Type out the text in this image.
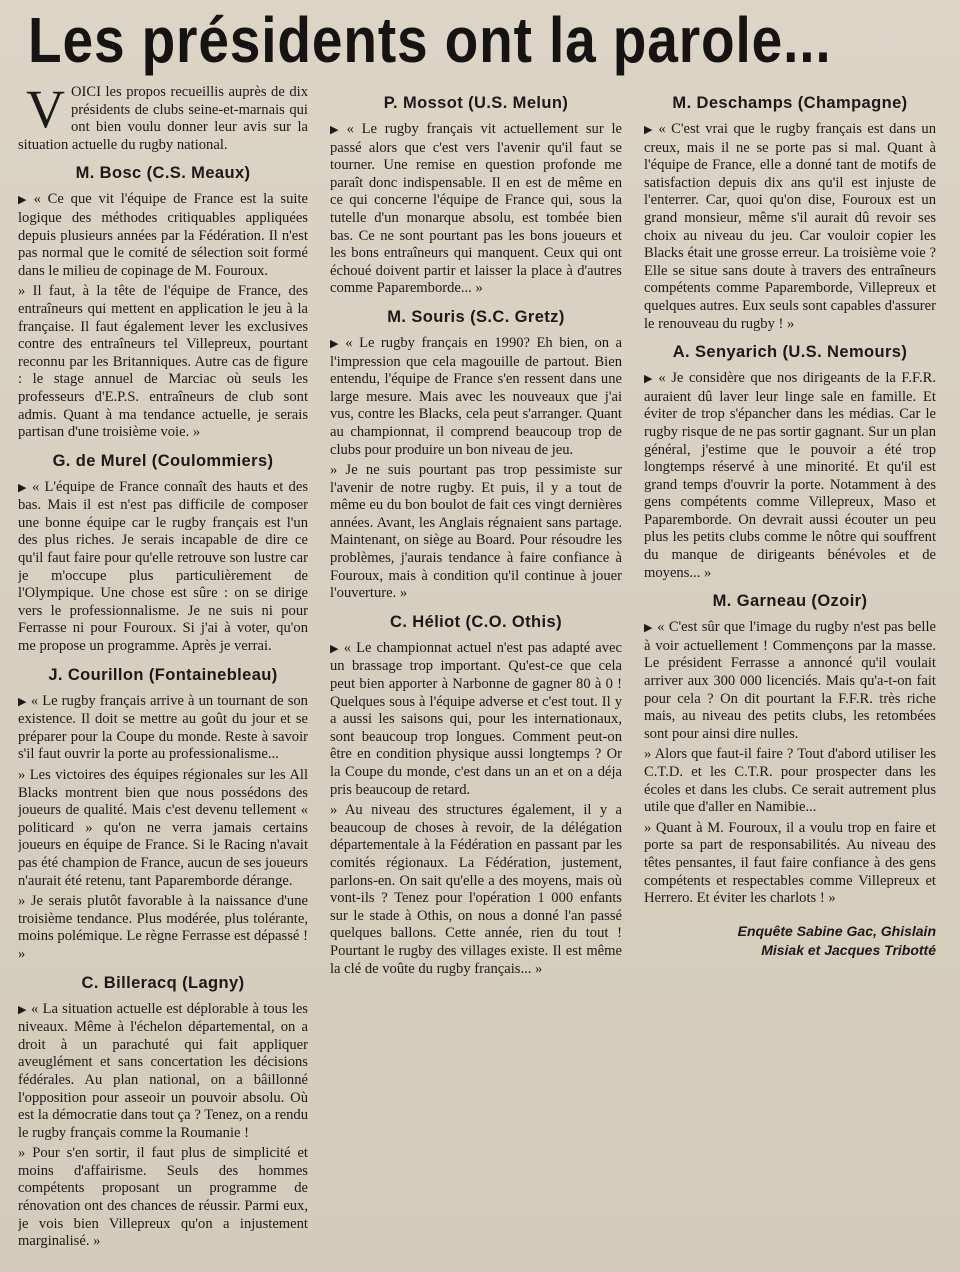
Les présidents ont la parole...

VOICI les propos recueillis auprès de dix présidents de clubs seine-et-marnais qui ont bien voulu donner leur avis sur la situation actuelle du rugby national.

M. Bosc (C.S. Meaux)

▶ « Ce que vit l'équipe de France est la suite logique des méthodes critiquables appliquées depuis plusieurs années par la Fédération. Il n'est pas normal que le comité de sélection soit formé dans le milieu de copinage de M. Fouroux.

» Il faut, à la tête de l'équipe de France, des entraîneurs qui mettent en application le jeu à la française. Il faut également lever les exclusives contre des entraîneurs tel Villepreux, pourtant reconnu par les Britanniques. Autre cas de figure : le stage annuel de Marciac où seuls les professeurs d'E.P.S. entraîneurs de club sont admis. Quant à ma tendance actuelle, je serais partisan d'une troisième voie. »

G. de Murel (Coulommiers)

▶ « L'équipe de France connaît des hauts et des bas. Mais il est n'est pas difficile de composer une bonne équipe car le rugby français est l'un des plus riches. Je serais incapable de dire ce qu'il faut faire pour qu'elle retrouve son lustre car je m'occupe plus particulièrement de l'Olympique. Une chose est sûre : on se dirige vers le professionnalisme. Je ne suis ni pour Ferrasse ni pour Fouroux. Si j'ai à voter, qu'on me propose un programme. Après je verrai.

J. Courillon (Fontainebleau)

▶ « Le rugby français arrive à un tournant de son existence. Il doit se mettre au goût du jour et se préparer pour la Coupe du monde. Reste à savoir s'il faut ouvrir la porte au professionalisme...

» Les victoires des équipes régionales sur les All Blacks montrent bien que nous possédons des joueurs de qualité. Mais c'est devenu tellement « politicard » qu'on ne verra jamais certains joueurs en équipe de France. Si le Racing n'avait pas été champion de France, aucun de ses joueurs n'aurait été retenu, tant Paparemborde dérange.

» Je serais plutôt favorable à la naissance d'une troisième tendance. Plus modérée, plus tolérante, moins polémique. Le règne Ferrasse est dépassé ! »

C. Billeracq (Lagny)

▶ « La situation actuelle est déplorable à tous les niveaux. Même à l'échelon départemental, on a droit à un parachuté qui fait appliquer aveuglément et sans concertation les décisions fédérales. Au plan national, on a bâillonné l'opposition pour asseoir un pouvoir absolu. Où est la démocratie dans tout ça ? Tenez, on a rendu le rugby français comme la Roumanie !

» Pour s'en sortir, il faut plus de simplicité et moins d'affairisme. Seuls des hommes compétents proposant un programme de rénovation ont des chances de réussir. Parmi eux, je vois bien Villepreux qu'on a injustement marginalisé. »

P. Mossot (U.S. Melun)

▶ « Le rugby français vit actuellement sur le passé alors que c'est vers l'avenir qu'il faut se tourner. Une remise en question profonde me paraît donc indispensable. Il en est de même en ce qui concerne l'équipe de France qui, sous la tutelle d'un monarque absolu, est tombée bien bas. Ce ne sont pourtant pas les bons joueurs et les bons entraîneurs qui manquent. Ceux qui ont échoué doivent partir et laisser la place à d'autres comme Paparemborde... »

M. Souris (S.C. Gretz)

▶ « Le rugby français en 1990? Eh bien, on a l'impression que cela magouille de partout. Bien entendu, l'équipe de France s'en ressent dans une large mesure. Mais avec les nouveaux que j'ai vus, contre les Blacks, cela peut s'arranger. Quant au championnat, il comprend beaucoup trop de clubs pour produire un bon niveau de jeu.

» Je ne suis pourtant pas trop pessimiste sur l'avenir de notre rugby. Et puis, il y a tout de même eu du bon boulot de fait ces vingt dernières années. Avant, les Anglais régnaient sans partage. Maintenant, on siège au Board. Pour résoudre les problèmes, j'aurais tendance à faire confiance à Fouroux, mais à condition qu'il continue à jouer l'ouverture. »

C. Héliot (C.O. Othis)

▶ « Le championnat actuel n'est pas adapté avec un brassage trop important. Qu'est-ce que cela peut bien apporter à Narbonne de gagner 80 à 0 ! Quelques sous à l'équipe adverse et c'est tout. Il y a aussi les saisons qui, pour les internationaux, sont beaucoup trop longues. Comment peut-on être en condition physique aussi longtemps ? Or la Coupe du monde, c'est dans un an et on a déja pris beaucoup de retard.

» Au niveau des structures également, il y a beaucoup de choses à revoir, de la délégation départementale à la Fédération en passant par les comités régionaux. La Fédération, justement, parlons-en. On sait qu'elle a des moyens, mais où vont-ils ? Tenez pour l'opération 1 000 enfants sur le stade à Othis, on nous a donné l'an passé quelques ballons. Cette année, rien du tout ! Pourtant le rugby des villages existe. Il est même la clé de voûte du rugby français... »

M. Deschamps (Champagne)

▶ « C'est vrai que le rugby français est dans un creux, mais il ne se porte pas si mal. Quant à l'équipe de France, elle a donné tant de motifs de satisfaction depuis dix ans qu'il est injuste de l'enterrer. Car, quoi qu'on dise, Fouroux est un grand monsieur, même s'il aurait dû revoir ses choix au niveau du jeu. Car vouloir copier les Blacks était une grosse erreur. La troisième voie ? Elle se situe sans doute à travers des entraîneurs compétents comme Paparemborde, Villepreux et quelques autres. Eux seuls sont capables d'assurer le renouveau du rugby ! »

A. Senyarich (U.S. Nemours)

▶ « Je considère que nos dirigeants de la F.F.R. auraient dû laver leur linge sale en famille. Et éviter de trop s'épancher dans les médias. Car le rugby risque de ne pas sortir gagnant. Sur un plan général, j'estime que le pouvoir a été trop longtemps réservé à une minorité. Et qu'il est grand temps d'ouvrir la porte. Notamment à des gens compétents comme Villepreux, Maso et Paparemborde. On devrait aussi écouter un peu plus les petits clubs comme le nôtre qui souffrent du manque de dirigeants bénévoles et de moyens... »

M. Garneau (Ozoir)

▶ « C'est sûr que l'image du rugby n'est pas belle à voir actuellement ! Commençons par la masse. Le président Ferrasse a annoncé qu'il voulait arriver aux 300 000 licenciés. Mais qu'a-t-on fait pour cela ? On dit pourtant la F.F.R. très riche mais, au niveau des petits clubs, les retombées sont pour ainsi dire nulles.

» Alors que faut-il faire ? Tout d'abord utiliser les C.T.D. et les C.T.R. pour prospecter dans les écoles et dans les clubs. Ce serait autrement plus utile que d'aller en Namibie...

» Quant à M. Fouroux, il a voulu trop en faire et porte sa part de responsabilités. Au niveau des têtes pensantes, il faut faire confiance à des gens compétents et respectables comme Villepreux et Herrero. Et éviter les charlots ! »

Enquête Sabine Gac, Ghislain
Misiak et Jacques Tribotté
